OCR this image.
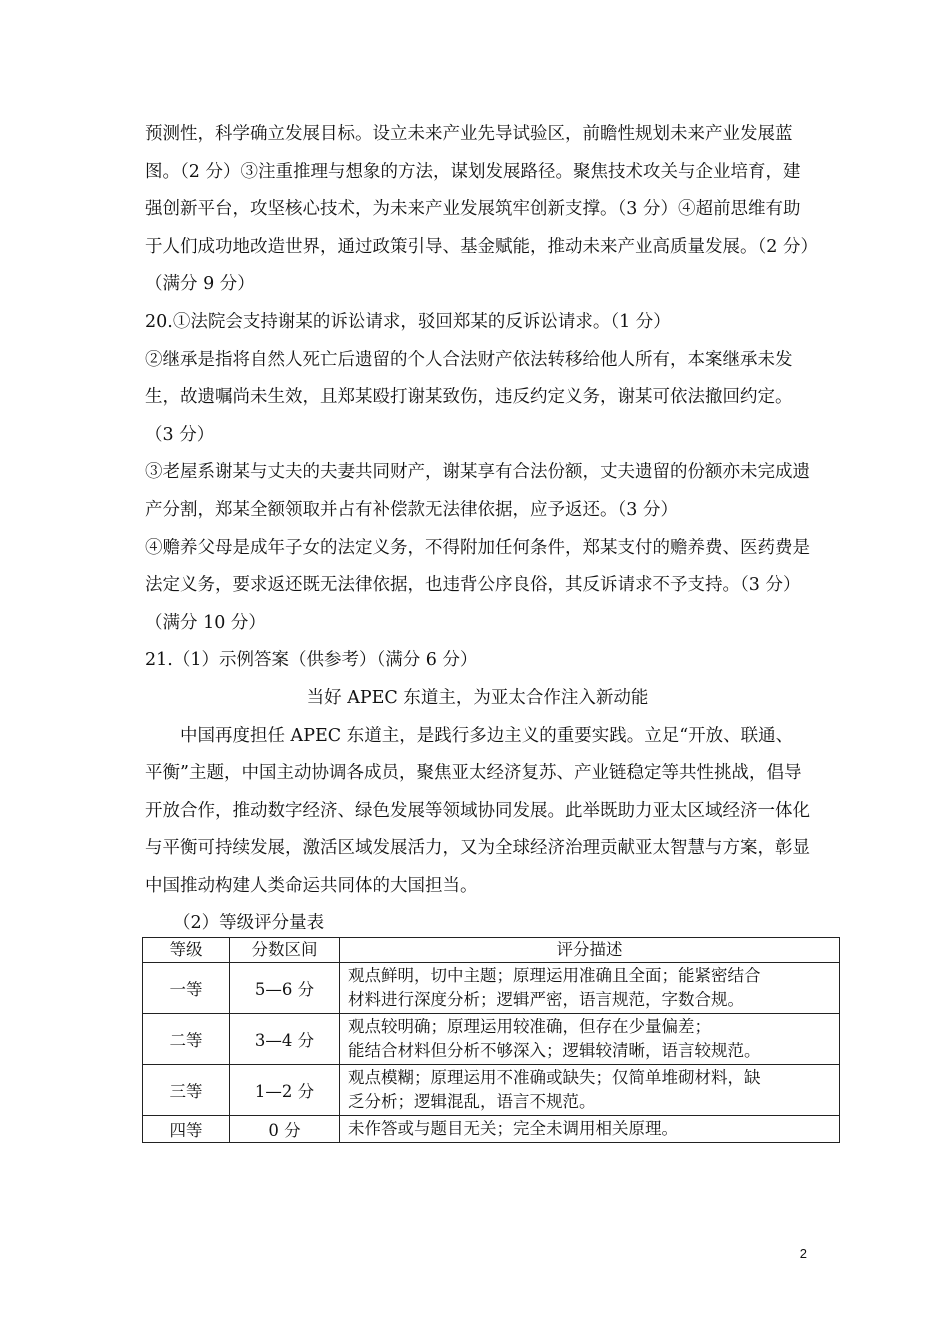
预测性，科学确立发展目标。设立未来产业先导试验区，前瞻性规划未来产业发展蓝图。（2 分）③注重推理与想象的方法，谋划发展路径。聚焦技术攻关与企业培育，建强创新平台，攻坚核心技术，为未来产业发展筑牢创新支撑。（3 分）④超前思维有助于人们成功地改造世界，通过政策引导、基金赋能，推动未来产业高质量发展。（2 分）（满分 9 分）

20.①法院会支持谢某的诉讼请求，驳回郑某的反诉讼请求。（1 分）

②继承是指将自然人死亡后遗留的个人合法财产依法转移给他人所有，本案继承未发生，故遗嘱尚未生效，且郑某殴打谢某致伤，违反约定义务，谢某可依法撤回约定。（3 分）

③老屋系谢某与丈夫的夫妻共同财产，谢某享有合法份额，丈夫遗留的份额亦未完成遗产分割，郑某全额领取并占有补偿款无法律依据，应予返还。（3 分）

④赡养父母是成年子女的法定义务，不得附加任何条件，郑某支付的赡养费、医药费是法定义务，要求返还既无法律依据，也违背公序良俗，其反诉请求不予支持。（3 分）（满分 10 分）

21.（1）示例答案（供参考）（满分 6 分）

当好 APEC 东道主，为亚太合作注入新动能

中国再度担任 APEC 东道主，是践行多边主义的重要实践。立足“开放、联通、平衡”主题，中国主动协调各成员，聚焦亚太经济复苏、产业链稳定等共性挑战，倡导开放合作，推动数字经济、绿色发展等领域协同发展。此举既助力亚太区域经济一体化与平衡可持续发展，激活区域发展活力，又为全球经济治理贡献亚太智慧与方案，彰显中国推动构建人类命运共同体的大国担当。

（2）等级评分量表

等级	分数区间	评分描述
一等	5—6 分	观点鲜明，切中主题；原理运用准确且全面；能紧密结合
材料进行深度分析；逻辑严密，语言规范，字数合规。

二等	3—4 分	观点较明确；原理运用较准确，但存在少量偏差；
能结合材料但分析不够深入；逻辑较清晰，语言较规范。

三等	1—2 分	观点模糊；原理运用不准确或缺失；仅简单堆砌材料，缺
乏分析；逻辑混乱，语言不规范。

四等	0 分	未作答或与题目无关；完全未调用相关原理。
2
